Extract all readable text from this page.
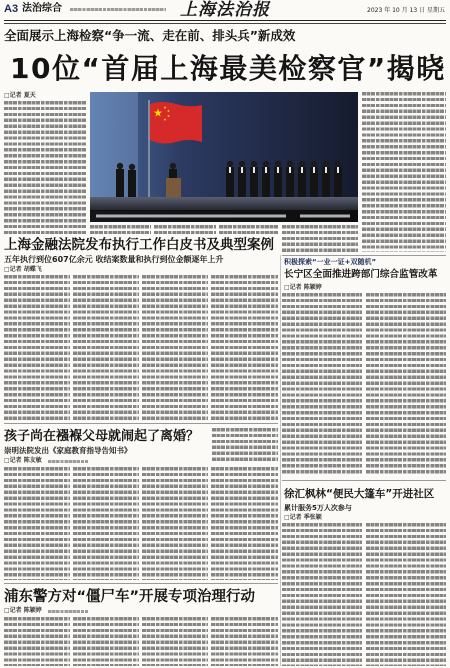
A3 法治综合	上海法治报	2023 年 10 月 13 日 星期五
全面展示上海检察“争一流、走在前、排头兵”新成效
10位“首届上海最美检察官”揭晓
□记者 夏天
上海金融法院发布执行工作白皮书及典型案例
五年执行到位607亿余元 收结案数量和执行到位金额逐年上升
□记者 胡蝶飞
积极探索“一业一证+双随机”
长宁区全面推进跨部门综合监管改革
□记者 陈颖婷
孩子尚在襁褓父母就闹起了离婚？
崇明法院发出《家庭教育指导告知书》
□记者 陈友敏
徐汇枫林“便民大篷车”开进社区
累计服务5万人次参与
□记者 季张颖
浦东警方对“僵尸车”开展专项治理行动
□记者 陈颖婷
